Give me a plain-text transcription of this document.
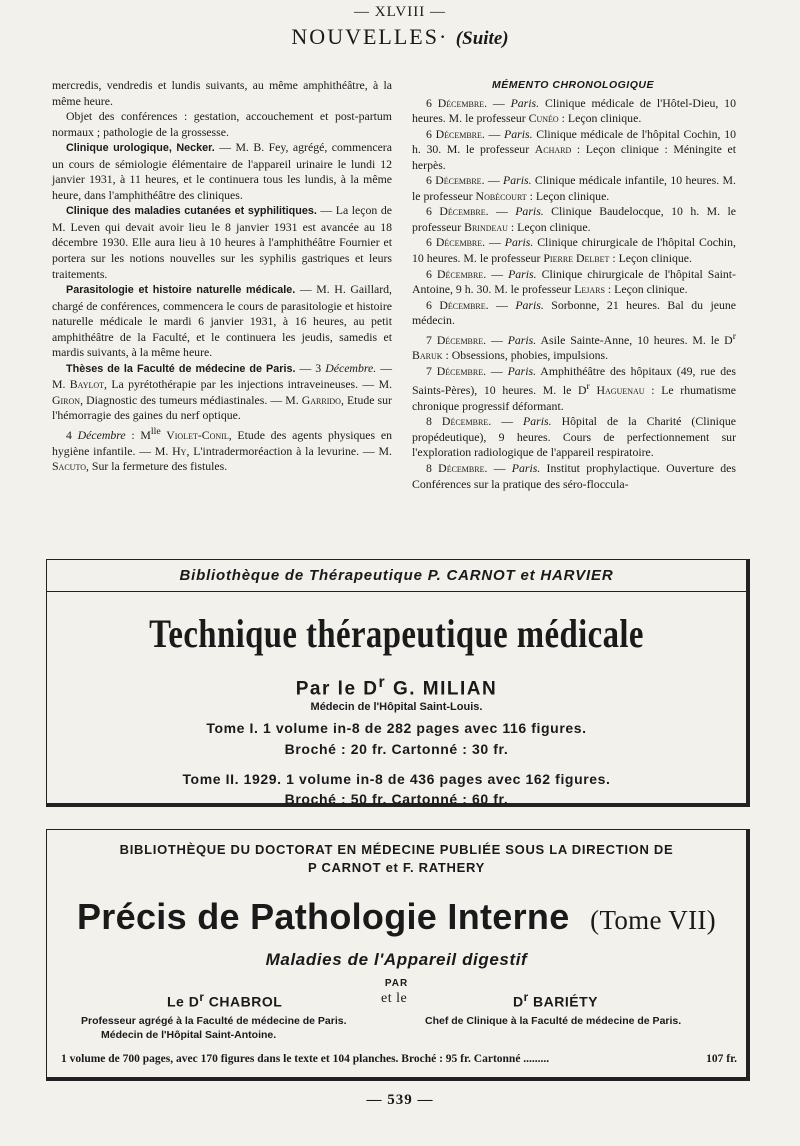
— XLVIII —
NOUVELLES· (Suite)

mercredis, vendredis et lundis suivants, au même amphithéâtre, à la même heure.

Objet des conférences : gestation, accouchement et post-partum normaux ; pathologie de la grossesse.

Clinique urologique, Necker. — M. B. Fey, agrégé, commencera un cours de sémiologie élémentaire de l'appareil urinaire le lundi 12 janvier 1931, à 11 heures, et le continuera tous les lundis, à la même heure, dans l'amphithéâtre des cliniques.

Clinique des maladies cutanées et syphilitiques. — La leçon de M. Leven qui devait avoir lieu le 8 janvier 1931 est avancée au 18 décembre 1930. Elle aura lieu à 10 heures à l'amphithéâtre Fournier et portera sur les notions nouvelles sur les syphilis gastriques et leurs traitements.

Parasitologie et histoire naturelle médicale. — M. H. Gaillard, chargé de conférences, commencera le cours de parasitologie et histoire naturelle médicale le mardi 6 janvier 1931, à 16 heures, au petit amphithéâtre de la Faculté, et le continuera les jeudis, samedis et mardis suivants, à la même heure.

Thèses de la Faculté de médecine de Paris. — 3 Décembre. — M. Baylot, La pyrétothérapie par les injections intraveineuses. — M. Giron, Diagnostic des tumeurs médiastinales. — M. Garrido, Etude sur l'hémorragie des gaines du nerf optique.

4 Décembre : $M^{lle}$ Violet-Conil, Etude des agents physiques en hygiène infantile. — M. Hy, L'intradermoréaction à la levurine. — M. Sacuto, Sur la fermeture des fistules.

MÉMENTO CHRONOLOGIQUE

6 Décembre. — Paris. Clinique médicale de l'Hôtel-Dieu, 10 heures. M. le professeur Cunéo : Leçon clinique.

6 Décembre. — Paris. Clinique médicale de l'hôpital Cochin, 10 h. 30. M. le professeur Achard : Leçon clinique : Méningite et herpès.

6 Décembre. — Paris. Clinique médicale infantile, 10 heures. M. le professeur Nobécourt : Leçon clinique.

6 Décembre. — Paris. Clinique Baudelocque, 10 h. M. le professeur Brindeau : Leçon clinique.

6 Décembre. — Paris. Clinique chirurgicale de l'hôpital Cochin, 10 heures. M. le professeur Pierre Delbet : Leçon clinique.

6 Décembre. — Paris. Clinique chirurgicale de l'hôpital Saint-Antoine, 9 h. 30. M. le professeur Lejars : Leçon clinique.

6 Décembre. — Paris. Sorbonne, 21 heures. Bal du jeune médecin.

7 Décembre. — Paris. Asile Sainte-Anne, 10 heures. M. le $D^r$ Baruk : Obsessions, phobies, impulsions.

7 Décembre. — Paris. Amphithéâtre des hôpitaux (49, rue des Saints-Pères), 10 heures. M. le $D^r$ Haguenau : Le rhumatisme chronique progressif déformant.

8 Décembre. — Paris. Hôpital de la Charité (Clinique propédeutique), 9 heures. Cours de perfectionnement sur l'exploration radiologique de l'appareil respiratoire.

8 Décembre. — Paris. Institut prophylactique. Ouverture des Conférences sur la pratique des séro-floccula-

Bibliothèque de Thérapeutique P. CARNOT et HARVIER
Technique thérapeutique médicale
Par le $D^r$ G. MILIAN
Médecin de l'Hôpital Saint-Louis.
Tome I. 1 volume in-8 de 282 pages avec 116 figures.
Broché : 20 fr. Cartonné : 30 fr.
Tome II. 1929. 1 volume in-8 de 436 pages avec 162 figures.
Broché : 50 fr. Cartonné : 60 fr.
BIBLIOTHÈQUE DU DOCTORAT EN MÉDECINE PUBLIÉE SOUS LA DIRECTION DE
P CARNOT et F. RATHERY
Précis de Pathologie Interne (Tome VII)
Maladies de l'Appareil digestif
PAR
Le $D^r$ CHABROL	et le	$D^r$ BARIÉTY
Professeur agrégé à la Faculté de médecine de Paris.
Médecin de l'Hôpital Saint-Antoine.
Chef de Clinique à la Faculté de médecine de Paris.
1 volume de 700 pages, avec 170 figures dans le texte et 104 planches. Broché : 95 fr. Cartonné .........	107 fr.
— 539 —
